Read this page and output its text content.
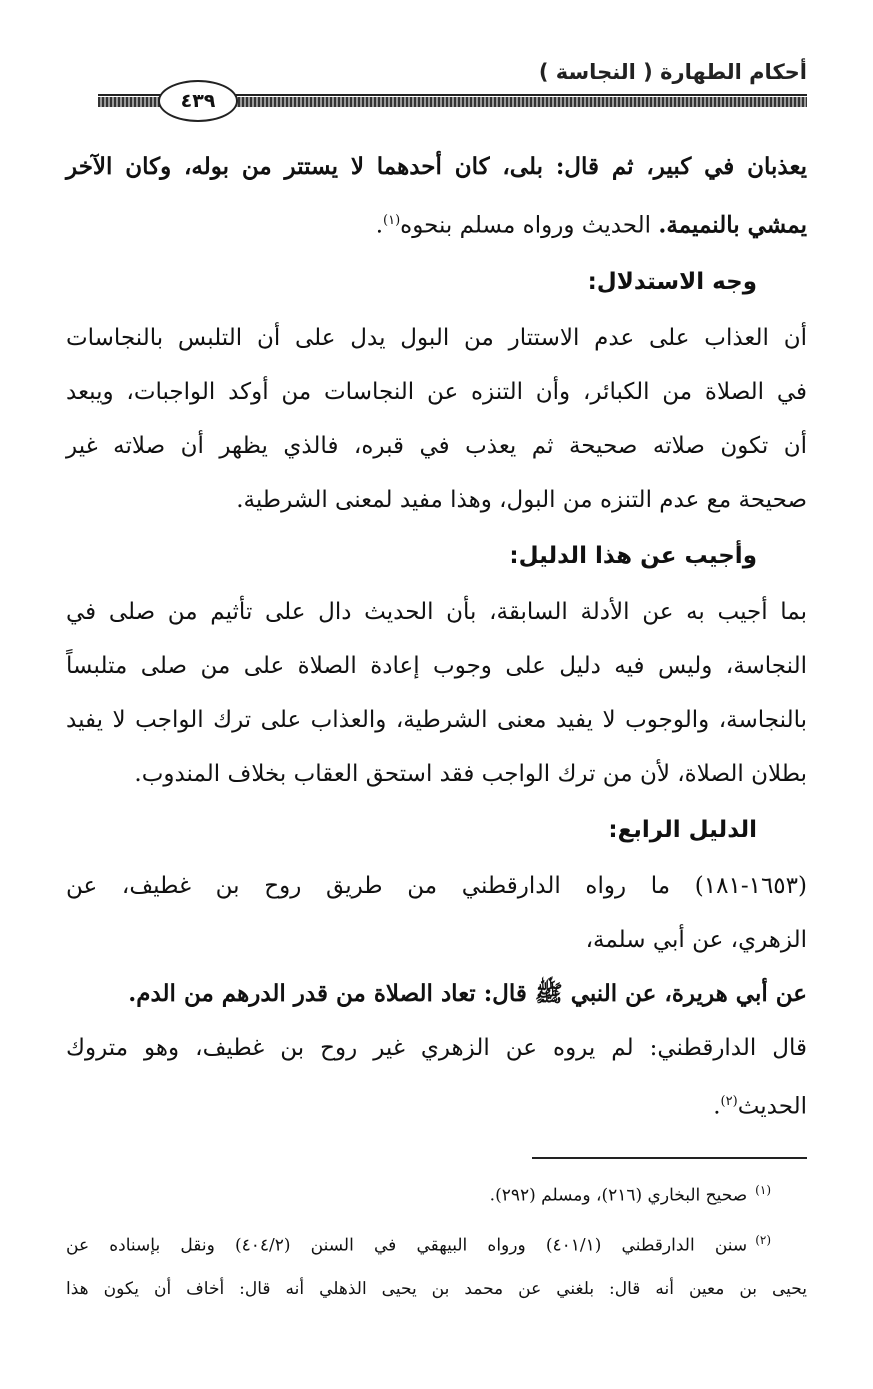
أحكام الطهارة ( النجاسة )
٤٣٩

يعذبان في كبير، ثم قال: بلى، كان أحدهما لا يستتر من بوله، وكان الآخر

يمشي بالنميمة. الحديث ورواه مسلم بنحوه$^{(١)}$.

وجه الاستدلال:

أن العذاب على عدم الاستتار من البول يدل على أن التلبس بالنجاسات

في الصلاة من الكبائر، وأن التنزه عن النجاسات من أوكد الواجبات، ويبعد

أن تكون صلاته صحيحة ثم يعذب في قبره، فالذي يظهر أن صلاته غير

صحيحة مع عدم التنزه من البول، وهذا مفيد لمعنى الشرطية.

وأجيب عن هذا الدليل:

بما أجيب به عن الأدلة السابقة، بأن الحديث دال على تأثيم من صلى في

النجاسة، وليس فيه دليل على وجوب إعادة الصلاة على من صلى متلبساً

بالنجاسة، والوجوب لا يفيد معنى الشرطية، والعذاب على ترك الواجب لا يفيد

بطلان الصلاة، لأن من ترك الواجب فقد استحق العقاب بخلاف المندوب.

الدليل الرابع:

(١٦٥٣-١٨١) ما رواه الدارقطني من طريق روح بن غطيف، عن

الزهري، عن أبي سلمة،

عن أبي هريرة، عن النبي ﷺ قال: تعاد الصلاة من قدر الدرهم من الدم.

قال الدارقطني: لم يروه عن الزهري غير روح بن غطيف، وهو متروك

الحديث$^{(٢)}$.

$^{(١)}$صحيح البخاري (٢١٦)، ومسلم (٢٩٢).

$^{(٢)}$سنن الدارقطني (٤٠١/١) ورواه البيهقي في السنن (٤٠٤/٢) ونقل بإسناده عن

يحيى بن معين أنه قال: بلغني عن محمد بن يحيى الذهلي أنه قال: أخاف أن يكون هذا
